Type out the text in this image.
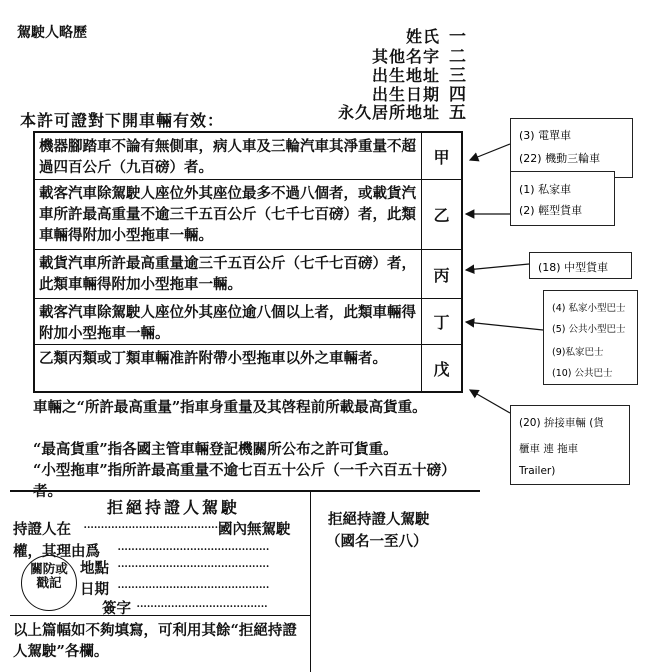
駕駛人略歷	姓氏 一
其他名字 二
出生地址 三
出生日期 四
永久居所地址 五
本許可證對下開車輛有效：
機器腳踏車不論有無側車，病人車及三輪汽車其淨重量不超過四百公斤（九百磅）者。
甲
載客汽車除駕駛人座位外其座位最多不過八個者，或載貨汽車所許最高重量不逾三千五百公斤（七千七百磅）者，此類車輛得附加小型拖車一輛。
乙
載貨汽車所許最高重量逾三千五百公斤（七千七百磅）者，此類車輛得附加小型拖車一輛。	丙
載客汽車除駕駛人座位外其座位逾八個以上者，此類車輛得附加小型拖車一輛。
丁
乙類丙類或丁類車輛准許附帶小型拖車以外之車輛者。
戊
車輛之“所許最高重量”指車身重量及其啓程前所載最高貨重。
“最高貨重”指各國主管車輛登記機關所公布之許可貨重。
“小型拖車”指所許最高重量不逾七百五十公斤（一千六百五十磅）者。
(3) 電單車
(22) 機動三輪車
(1) 私家車
(2) 輕型貨車
(18) 中型貨車
(4) 私家小型巴士
(5) 公共小型巴士
(9)私家巴士
(10) 公共巴士
(20) 拚接車輛 (貨
櫃車 連 拖車
Trailer)
拒絕持證人駕駛
持證人在 .........................................
國內無駕駛
權，其理由爲 ............................................
關防或戳記
地點 ............................................
日期 ............................................
簽字 ......................................
以上篇幅如不夠填寫，可利用其餘“拒絕持證人駕駛”各欄。
拒絕持證人駕駛
（國名一至八）
